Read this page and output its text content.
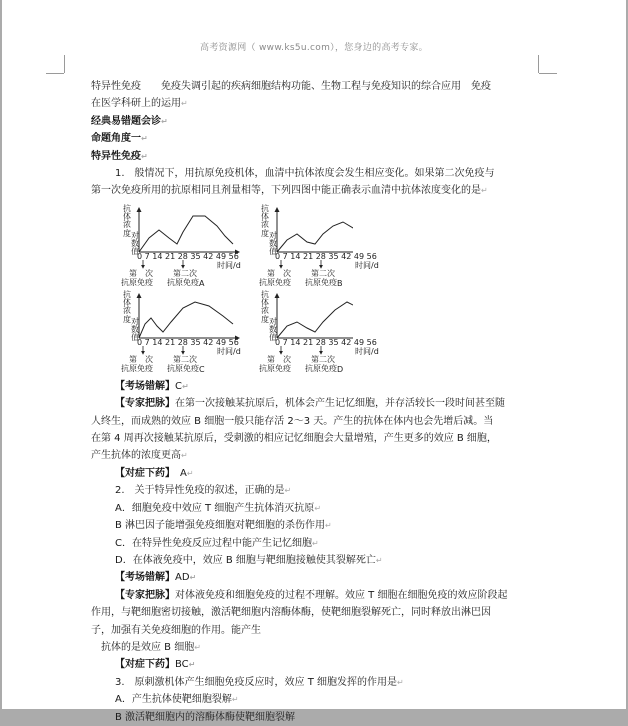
高考资源网（ www.ks5u.com），您身边的高考专家。

特异性免疫　　免疫失调引起的疾病细胞结构功能、生物工程与免疫知识的综合应用　免疫

在医学科研上的运用↵

经典易错题会诊↵

命题角度一↵

特异性免疫↵

1.　般情况下，用抗原免疫机体，血清中抗体浓度会发生相应变化。如果第二次免疫与

第一次免疫所用的抗原相同且剂量相等，下列四图中能正确表示血清中抗体浓度变化的是↵

抗体浓度 对数值
0 7 14 21 28 35 42 49 56
时间/d
第　次
抗原免疫
第二次
抗原免疫 A
抗体浓度 对数值
0 7 14 21 28 35 42 49 56
时间/d
第　次
抗原免疫
第二次
抗原免疫 B
抗体浓度 对数值
0 7 14 21 28 35 42 49 56
时间/d
第　次
抗原免疫
第二次
抗原免疫 C
抗体浓度 对数值
0 7 14 21 28 35 42 49 56
时间/d
第　次
抗原免疫
第二次
抗原免疫 D

【考场错解】C↵

【专家把脉】在第一次接触某抗原后，机体会产生记忆细胞，并存活较长一段时间甚至随

人终生，而成熟的效应 B 细胞一般只能存活 2～3 天。产生的抗体在体内也会先增后减。当

在第 4 周再次接触某抗原后，受刺激的相应记忆细胞会大量增殖，产生更多的效应 B 细胞，

产生抗体的浓度更高↵

【对症下药】　 A↵

2.　关于特异性免疫的叙述，正确的是↵

A．细胞免疫中效应 T 细胞产生抗体消灭抗原↵

B 淋巴因子能增强免疫细胞对靶细胞的杀伤作用↵

C．在特异性免疫反应过程中能产生记忆细胞↵

D．在体液免疫中，效应 B 细胞与靶细胞接触使其裂解死亡↵

【考场错解】AD↵

【专家把脉】对体液免疫和细胞免疫的过程不理解。效应 T 细胞在细胞免疫的效应阶段起

作用，与靶细胞密切接触，激活靶细胞内溶酶体酶，使靶细胞裂解死亡，同时释放出淋巴因

子，加强有关免疫细胞的作用。能产生

抗体的是效应 B 细胞↵

【对症下药】BC↵

3.　原刺激机体产生细胞免疫反应时，效应 T 细胞发挥的作用是↵

A．产生抗体使靶细胞裂解↵

B 激活靶细胞内的溶酶体酶使靶细胞裂解↵
